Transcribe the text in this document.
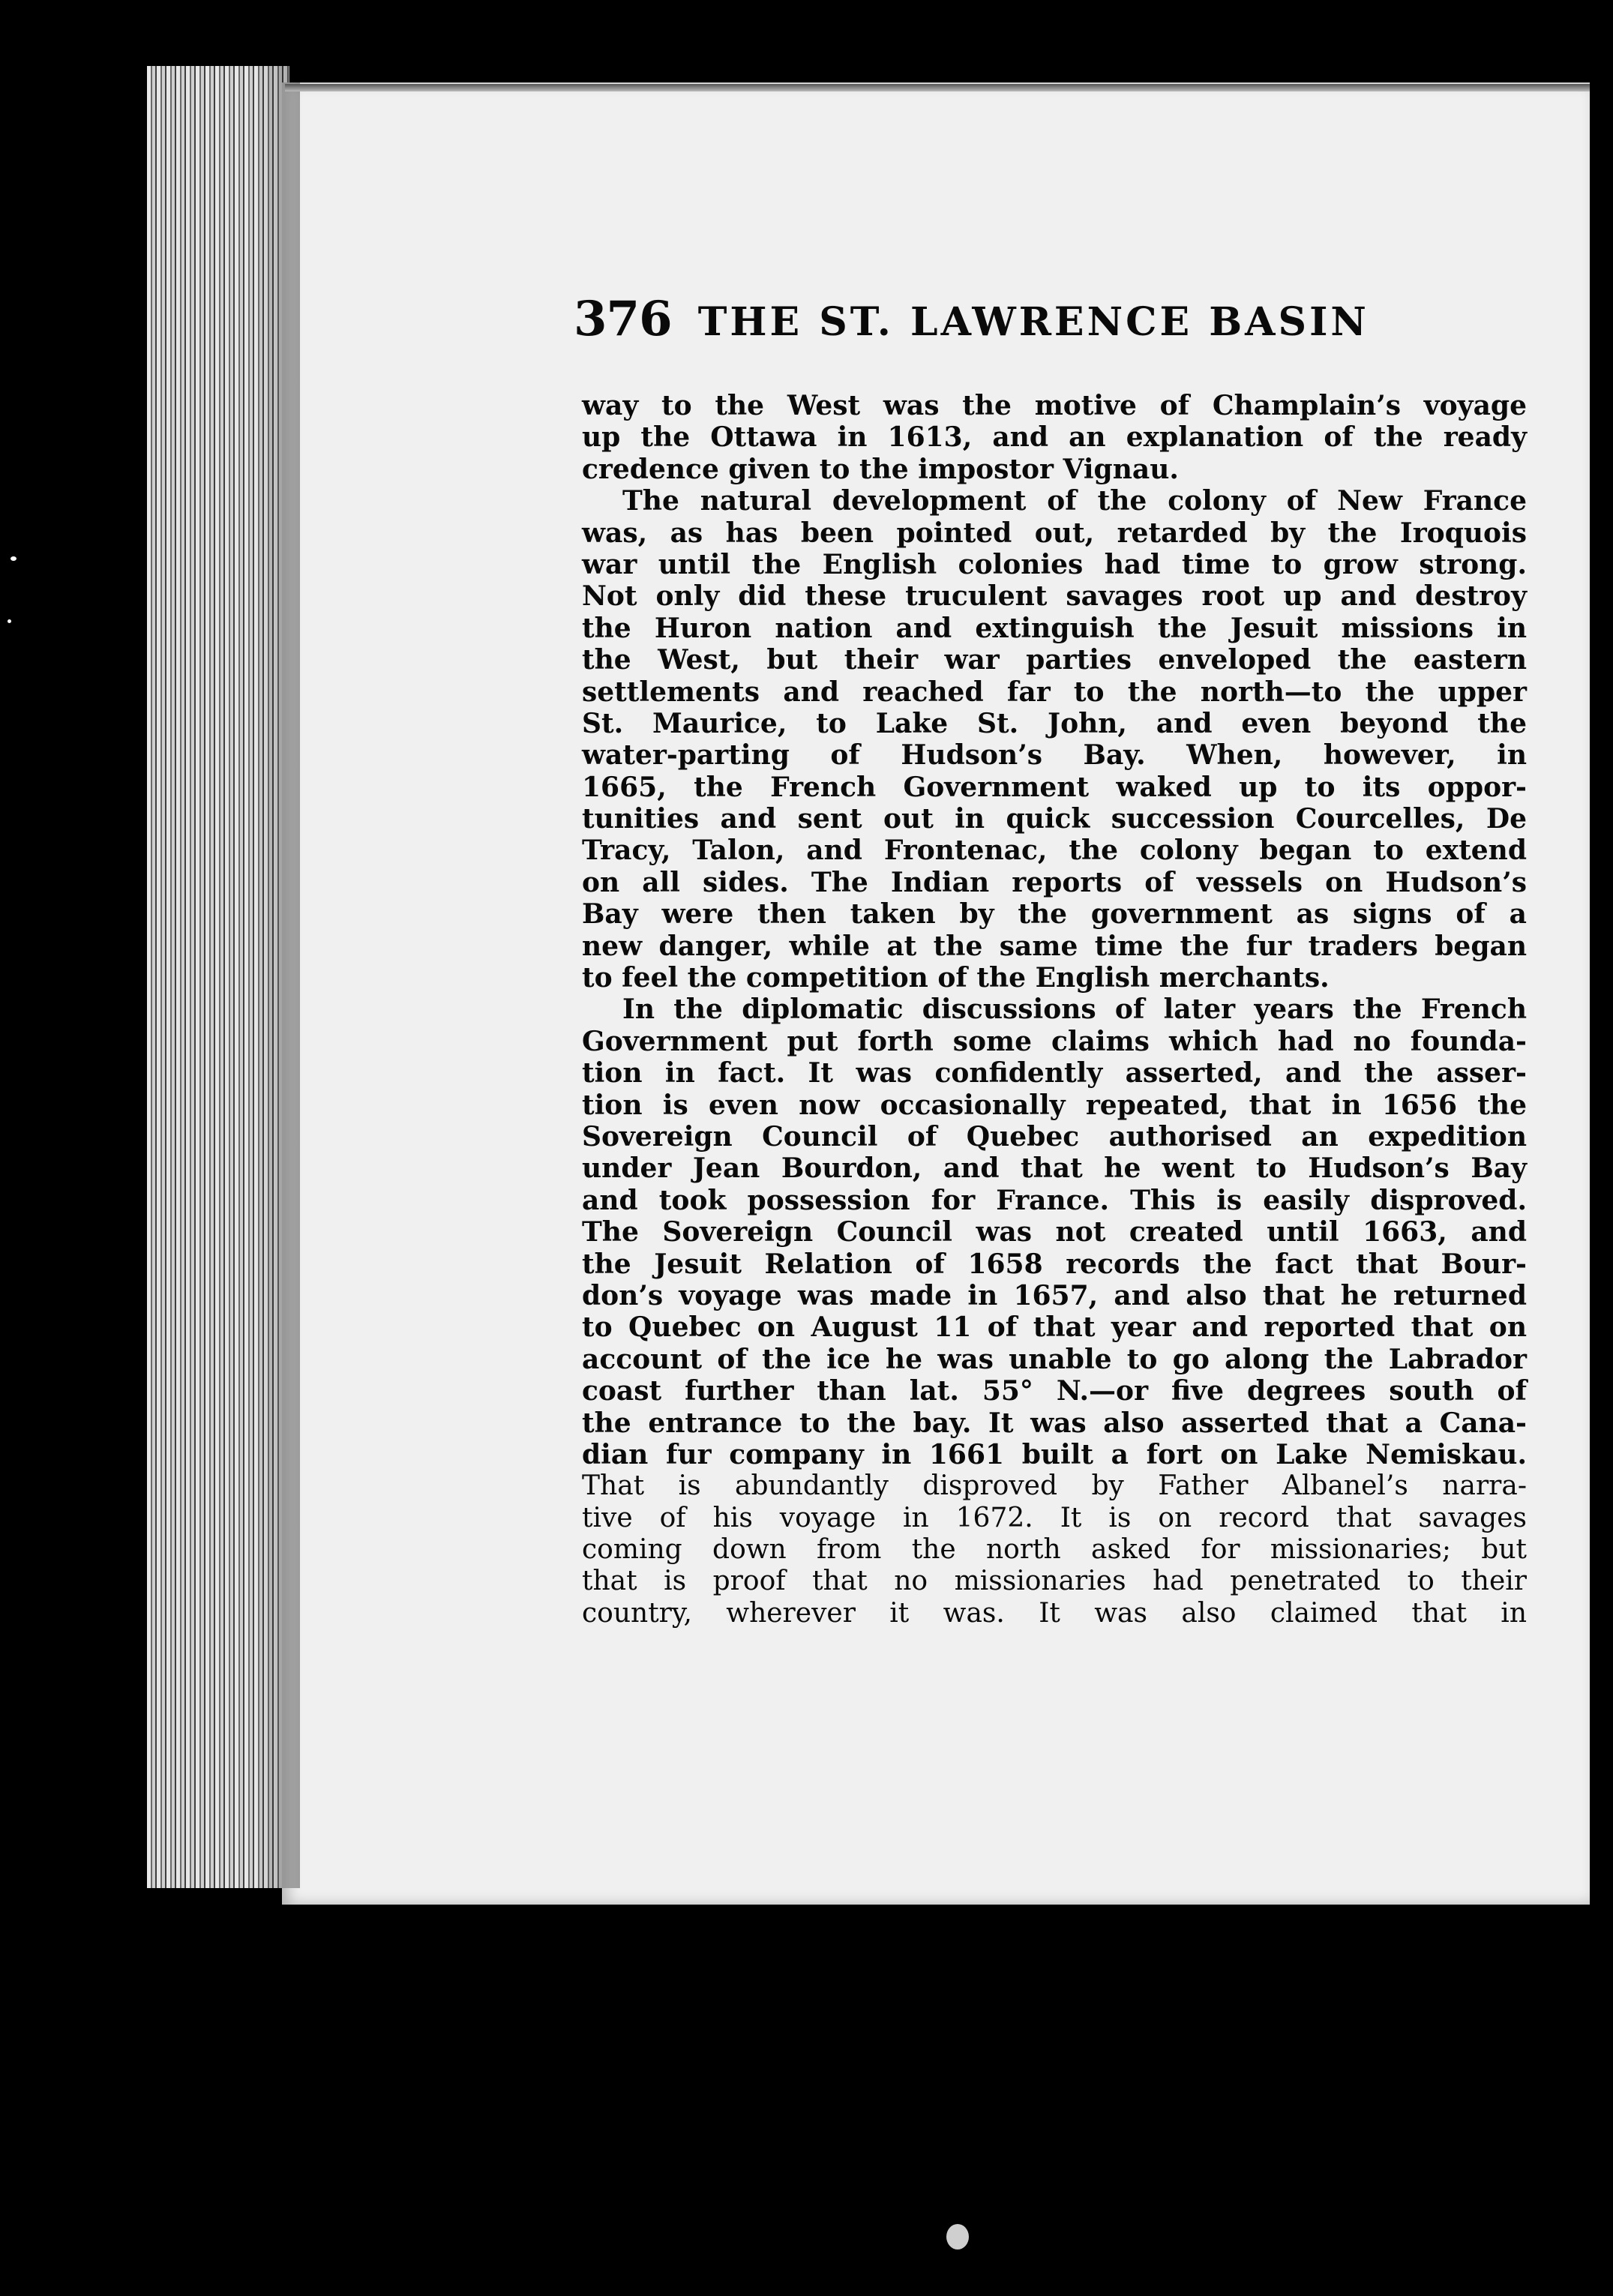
376 THE ST. LAWRENCE BASIN
way to the West was the motive of Champlain’s voyage
up the Ottawa in 1613, and an explanation of the ready
credence given to the impostor Vignau.
The natural development of the colony of New France
was, as has been pointed out, retarded by the Iroquois
war until the English colonies had time to grow strong.
Not only did these truculent savages root up and destroy
the Huron nation and extinguish the Jesuit missions in
the West, but their war parties enveloped the eastern
settlements and reached far to the north—to the upper
St. Maurice, to Lake St. John, and even beyond the
water-parting of Hudson’s Bay. When, however, in
1665, the French Government waked up to its oppor-
tunities and sent out in quick succession Courcelles, De
Tracy, Talon, and Frontenac, the colony began to extend
on all sides. The Indian reports of vessels on Hudson’s
Bay were then taken by the government as signs of a
new danger, while at the same time the fur traders began
to feel the competition of the English merchants.
In the diplomatic discussions of later years the French
Government put forth some claims which had no founda-
tion in fact. It was confidently asserted, and the asser-
tion is even now occasionally repeated, that in 1656 the
Sovereign Council of Quebec authorised an expedition
under Jean Bourdon, and that he went to Hudson’s Bay
and took possession for France. This is easily disproved.
The Sovereign Council was not created until 1663, and
the Jesuit Relation of 1658 records the fact that Bour-
don’s voyage was made in 1657, and also that he returned
to Quebec on August 11 of that year and reported that on
account of the ice he was unable to go along the Labrador
coast further than lat. 55° N.—or five degrees south of
the entrance to the bay. It was also asserted that a Cana-
dian fur company in 1661 built a fort on Lake Nemiskau.
That is abundantly disproved by Father Albanel’s narra-
tive of his voyage in 1672. It is on record that savages
coming down from the north asked for missionaries; but
that is proof that no missionaries had penetrated to their
country, wherever it was. It was also claimed that in
